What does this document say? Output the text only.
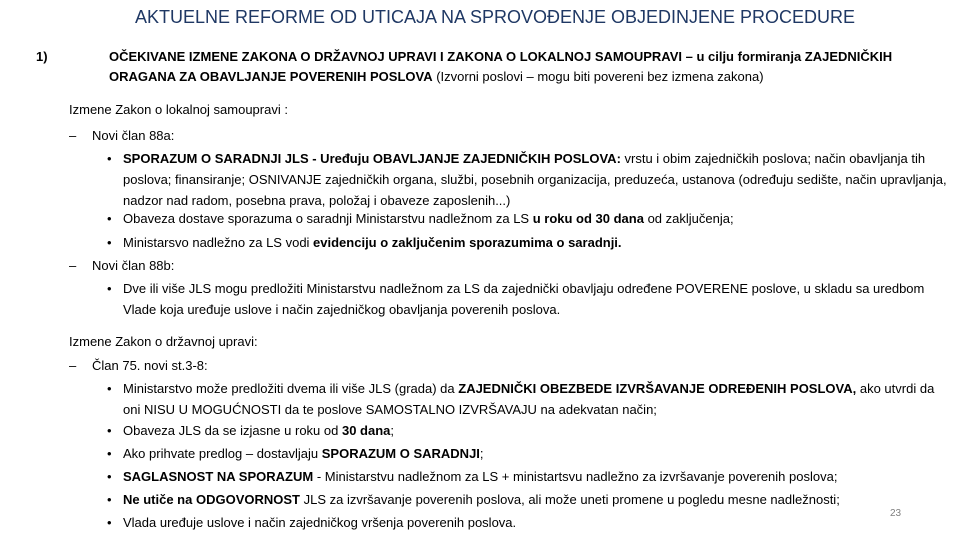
AKTUELNE REFORME OD UTICAJA NA SPROVOĐENJE OBJEDINJENE PROCEDURE
1)	OČEKIVANE IZMENE ZAKONA O DRŽAVNOJ UPRAVI I ZAKONA O LOKALNOJ SAMOUPRAVI – u cilju formiranja ZAJEDNIČKIH ORAGANA ZA OBAVLJANJE POVERENIH POSLOVA (Izvorni poslovi – mogu biti povereni bez izmena zakona)
Izmene Zakon o lokalnoj samoupravi :
– Novi član 88a:
• SPORAZUM O SARADNJI JLS - Uređuju OBAVLJANJE ZAJEDNIČKIH POSLOVA: vrstu i obim zajedničkih poslova; način obavljanja tih poslova; finansiranje; OSNIVANJE zajedničkih organa, službi, posebnih organizacija, preduzeća, ustanova (određuju sedište, način upravljanja, nadzor nad radom, posebna prava, položaj i obaveze zaposlenih...)
• Obaveza dostave sporazuma o saradnji Ministarstvu nadležnom za LS u roku od 30 dana od zaključenja;
• Ministarsvo nadležno za LS vodi evidenciju o zaključenim sporazumima o saradnji.
– Novi član 88b:
• Dve ili više JLS mogu predložiti Ministarstvu nadležnom za LS da zajednički obavljaju određene POVERENE poslove, u skladu sa uredbom Vlade koja uređuje uslove i način zajedničkog obavljanja poverenih poslova.
Izmene Zakon o državnoj upravi:
– Član 75. novi st.3-8:
• Ministarstvo može predložiti dvema ili više JLS (grada) da ZAJEDNIČKI OBEZBEDE IZVRŠAVANJE ODREĐENIH POSLOVA, ako utvrdi da oni NISU U MOGUĆNOSTI da te poslove SAMOSTALNO IZVRŠAVAJU na adekvatan način;
• Obaveza JLS da se izjasne u roku od 30 dana;
• Ako prihvate predlog – dostavljaju SPORAZUM O SARADNJI;
• SAGLASNOST NA SPORAZUM - Ministarstvu nadležnom za LS + ministartsvu nadležno za izvršavanje poverenih poslova;
• Ne utiče na ODGOVORNOST JLS za izvršavanje poverenih poslova, ali može uneti promene u pogledu mesne nadležnosti;
• Vlada uređuje uslove i način zajedničkog vršenja poverenih poslova.
23
